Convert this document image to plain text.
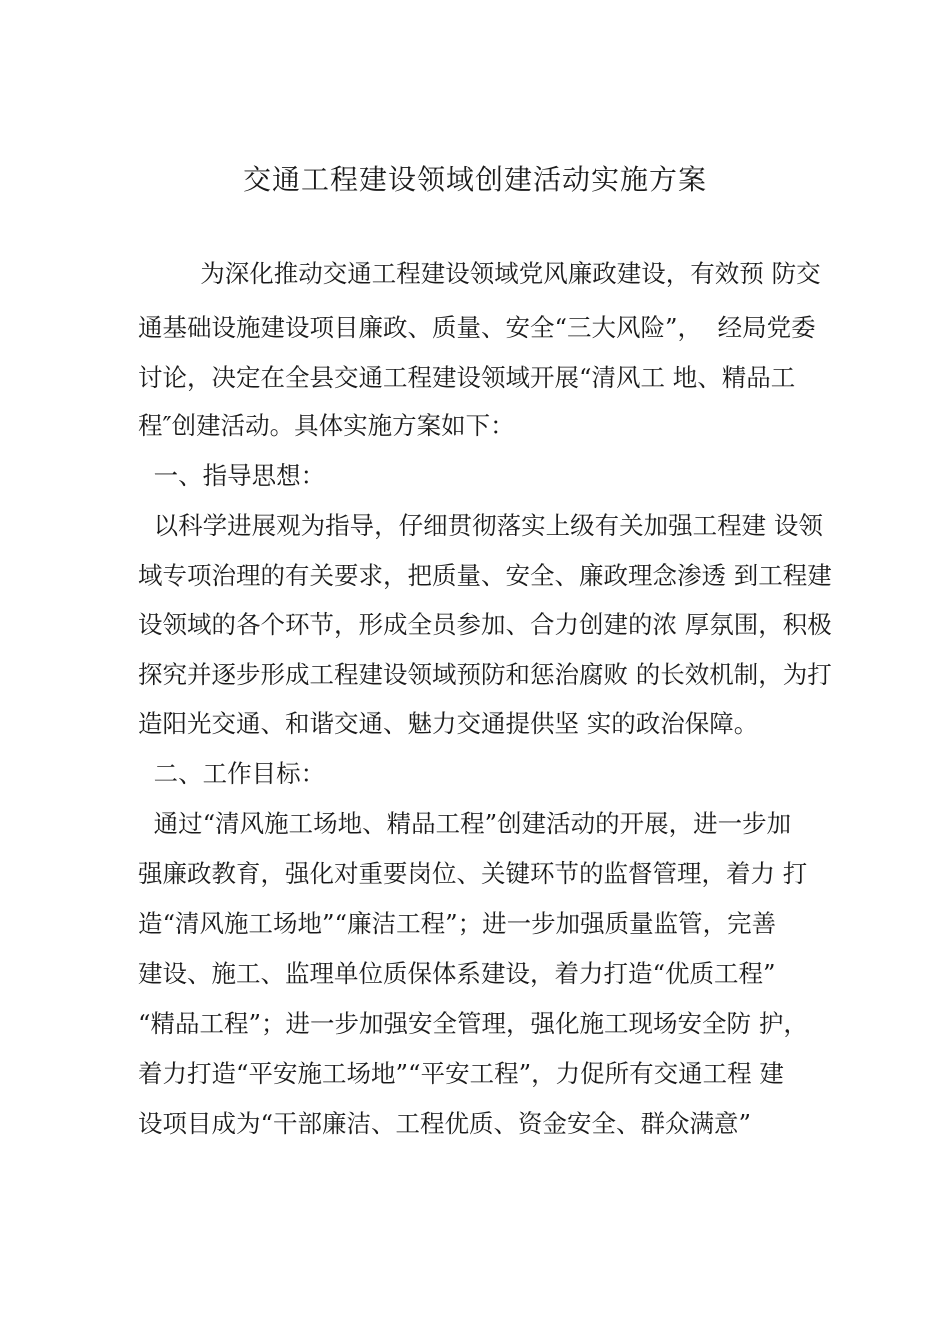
交通工程建设领域创建活动实施方案

为深化推动交通工程建设领域党风廉政建设，有效预 防交

通基础设施建设项目廉政、质量、安全“三大风险”，  经局党委

讨论，决定在全县交通工程建设领域开展“清风工 地、精品工

程″创建活动。具体实施方案如下：

一、指导思想：

以科学进展观为指导，仔细贯彻落实上级有关加强工程建 设领

域专项治理的有关要求，把质量、安全、廉政理念渗透 到工程建

设领域的各个环节，形成全员参加、合力创建的浓 厚氛围，积极

探究并逐步形成工程建设领域预防和惩治腐败 的长效机制，为打

造阳光交通、和谐交通、魅力交通提供坚 实的政治保障。

二、工作目标：

通过“清风施工场地、精品工程”创建活动的开展，进一步加

强廉政教育，强化对重要岗位、关键环节的监督管理，着力 打

造“清风施工场地”“廉洁工程”；进一步加强质量监管，完善

建设、施工、监理单位质保体系建设，着力打造“优质工程”

“精品工程”；进一步加强安全管理，强化施工现场安全防 护，

着力打造“平安施工场地”“平安工程”，力促所有交通工程 建

设项目成为“干部廉洁、工程优质、资金安全、群众满意”
